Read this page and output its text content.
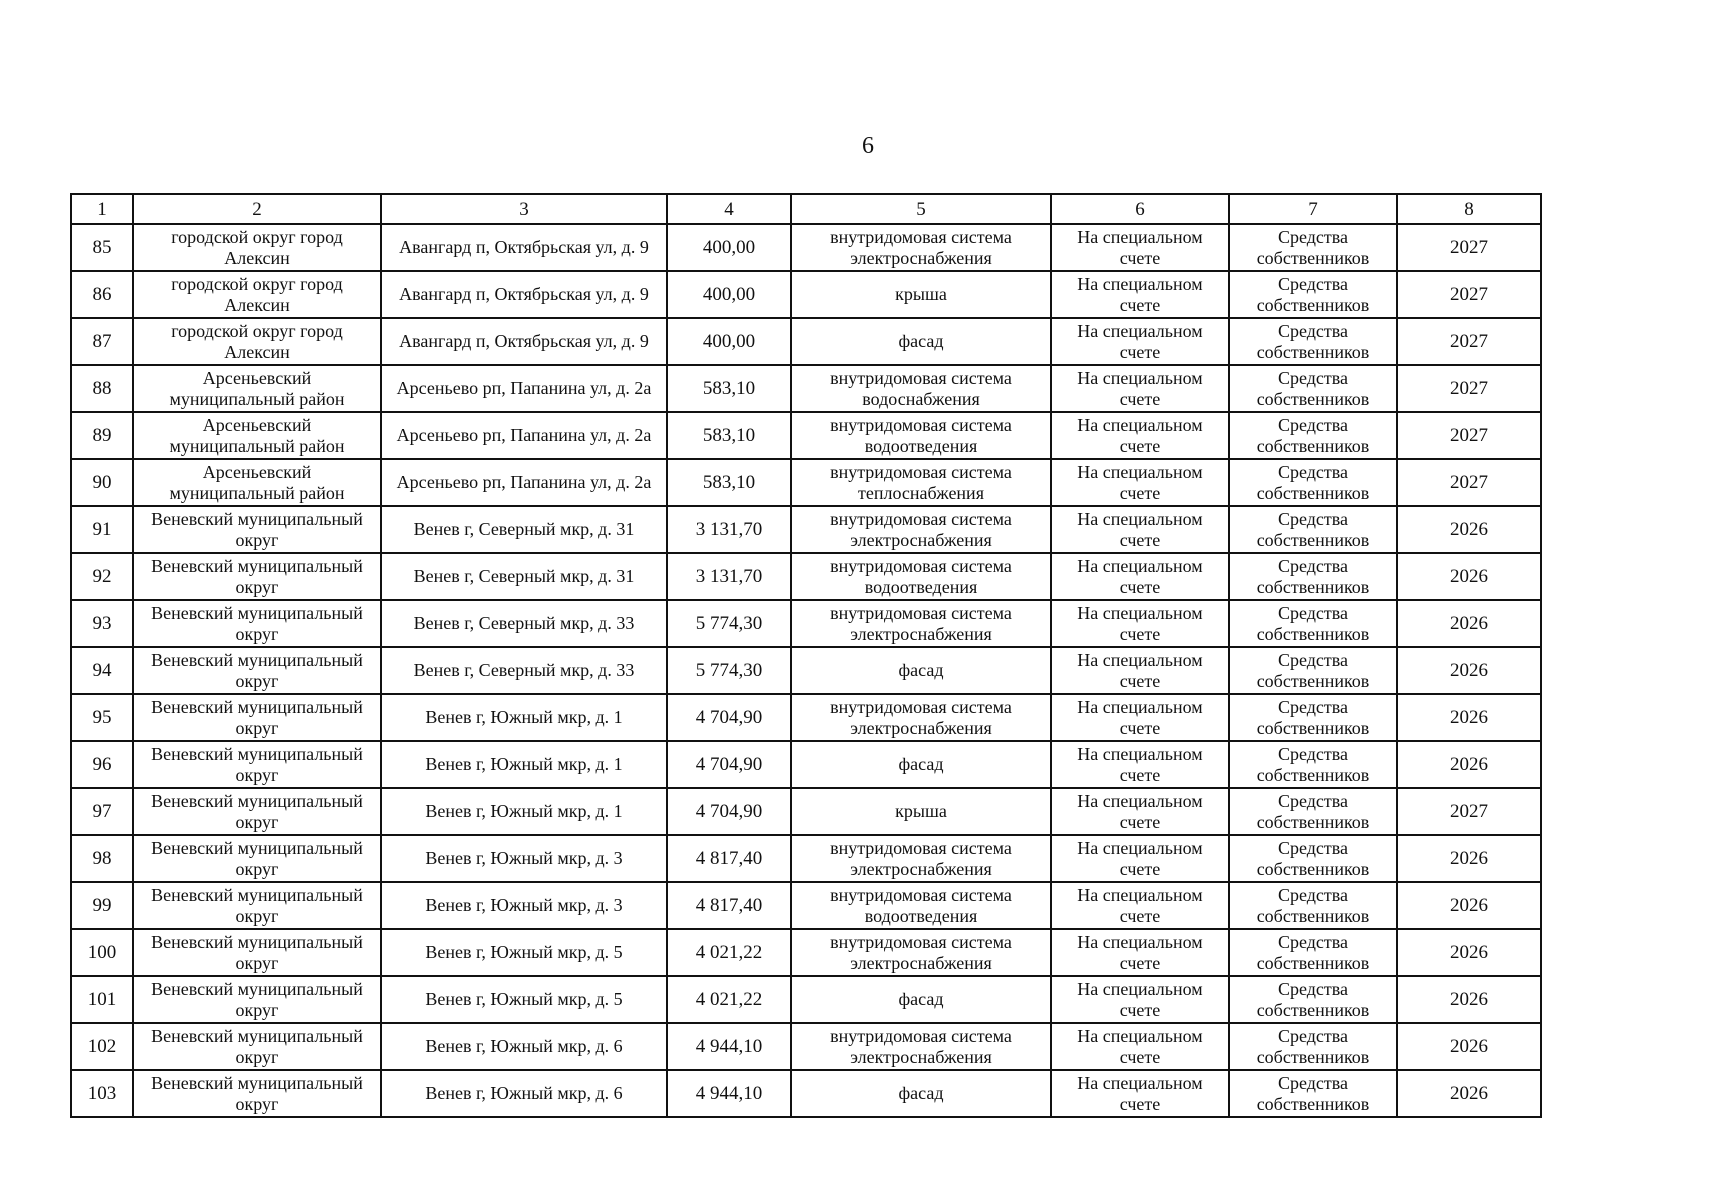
6
1	2	3	4	5	6	7	8
85	городской округ город Алексин	Авангард п, Октябрьская ул, д. 9	400,00	внутридомовая система электроснабжения	На специальном счете	Средства собственников	2027
86	городской округ город Алексин	Авангард п, Октябрьская ул, д. 9	400,00	крыша	На специальном счете	Средства собственников	2027
87	городской округ город Алексин	Авангард п, Октябрьская ул, д. 9	400,00	фасад	На специальном счете	Средства собственников	2027
88	Арсеньевский муниципальный район	Арсеньево рп, Папанина ул, д. 2а	583,10	внутридомовая система водоснабжения	На специальном счете	Средства собственников	2027
89	Арсеньевский муниципальный район	Арсеньево рп, Папанина ул, д. 2а	583,10	внутридомовая система водоотведения	На специальном счете	Средства собственников	2027
90	Арсеньевский муниципальный район	Арсеньево рп, Папанина ул, д. 2а	583,10	внутридомовая система теплоснабжения	На специальном счете	Средства собственников	2027
91	Веневский муниципальный округ	Венев г, Северный мкр, д. 31	3 131,70	внутридомовая система электроснабжения	На специальном счете	Средства собственников	2026
92	Веневский муниципальный округ	Венев г, Северный мкр, д. 31	3 131,70	внутридомовая система водоотведения	На специальном счете	Средства собственников	2026
93	Веневский муниципальный округ	Венев г, Северный мкр, д. 33	5 774,30	внутридомовая система электроснабжения	На специальном счете	Средства собственников	2026
94	Веневский муниципальный округ	Венев г, Северный мкр, д. 33	5 774,30	фасад	На специальном счете	Средства собственников	2026
95	Веневский муниципальный округ	Венев г, Южный мкр, д. 1	4 704,90	внутридомовая система электроснабжения	На специальном счете	Средства собственников	2026
96	Веневский муниципальный округ	Венев г, Южный мкр, д. 1	4 704,90	фасад	На специальном счете	Средства собственников	2026
97	Веневский муниципальный округ	Венев г, Южный мкр, д. 1	4 704,90	крыша	На специальном счете	Средства собственников	2027
98	Веневский муниципальный округ	Венев г, Южный мкр, д. 3	4 817,40	внутридомовая система электроснабжения	На специальном счете	Средства собственников	2026
99	Веневский муниципальный округ	Венев г, Южный мкр, д. 3	4 817,40	внутридомовая система водоотведения	На специальном счете	Средства собственников	2026
100	Веневский муниципальный округ	Венев г, Южный мкр, д. 5	4 021,22	внутридомовая система электроснабжения	На специальном счете	Средства собственников	2026
101	Веневский муниципальный округ	Венев г, Южный мкр, д. 5	4 021,22	фасад	На специальном счете	Средства собственников	2026
102	Веневский муниципальный округ	Венев г, Южный мкр, д. 6	4 944,10	внутридомовая система электроснабжения	На специальном счете	Средства собственников	2026
103	Веневский муниципальный округ	Венев г, Южный мкр, д. 6	4 944,10	фасад	На специальном счете	Средства собственников	2026
